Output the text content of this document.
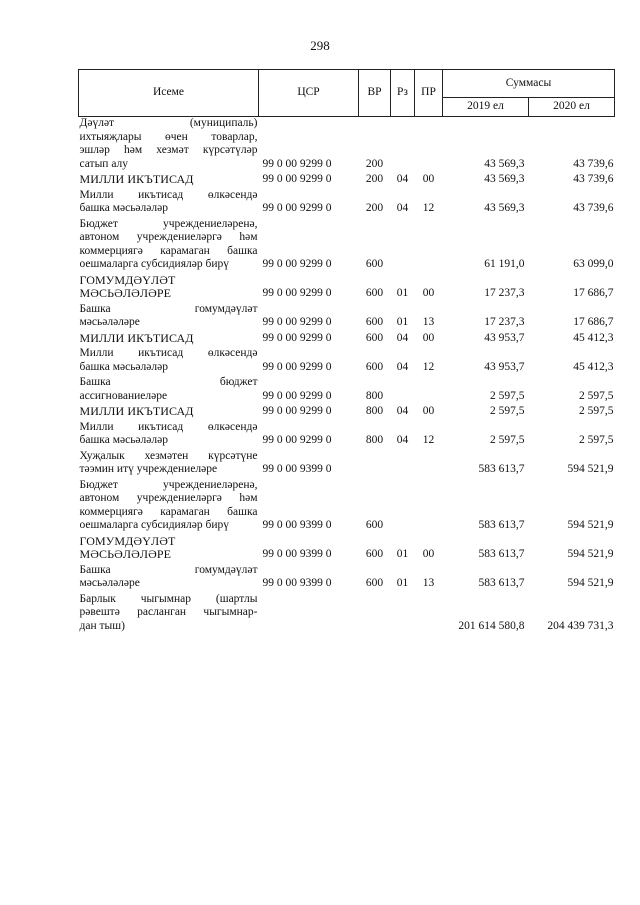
298
Исеме	ЦСР	ВР	Рз	ПР	Суммасы	
					2019 ел	2020 ел

Дәүләт (муниципаль)
ихтыяҗлары өчен товарлар,
эшләр һәм хезмәт күрсәтүләр
сатып алу	99 0 00 9299 0	200			43 569,3	43 739,6

МИЛЛИ ИКЪТИСАД	99 0 00 9299 0	200	04	00	43 569,3	43 739,6

Милли икътисад өлкәсендә
башка мәсьәләләр	99 0 00 9299 0	200	04	12	43 569,3	43 739,6

Бюджет учреждениеләренә,
автоном учреждениеләргә һәм
коммерциягә карамаган башка
оешмаларга субсидияләр бирү	99 0 00 9299 0	600			61 191,0	63 099,0

ГОМУМДӘҮЛӘТ
МӘСЬӘЛӘЛӘРЕ	99 0 00 9299 0	600	01	00	17 237,3	17 686,7

Башка гомумдәүләт
мәсьәләләре	99 0 00 9299 0	600	01	13	17 237,3	17 686,7

МИЛЛИ ИКЪТИСАД	99 0 00 9299 0	600	04	00	43 953,7	45 412,3

Милли икътисад өлкәсендә
башка мәсьәләләр	99 0 00 9299 0	600	04	12	43 953,7	45 412,3

Башка бюджет
ассигнованиеләре	99 0 00 9299 0	800			2 597,5	2 597,5

МИЛЛИ ИКЪТИСАД	99 0 00 9299 0	800	04	00	2 597,5	2 597,5

Милли икътисад өлкәсендә
башка мәсьәләләр	99 0 00 9299 0	800	04	12	2 597,5	2 597,5

Хуҗалык хезмәтен күрсәтүне
тәэмин итү учреждениеләре	99 0 00 9399 0				583 613,7	594 521,9

Бюджет учреждениеләренә,
автоном учреждениеләргә һәм
коммерциягә карамаган башка
оешмаларга субсидияләр бирү	99 0 00 9399 0	600			583 613,7	594 521,9

ГОМУМДӘҮЛӘТ
МӘСЬӘЛӘЛӘРЕ	99 0 00 9399 0	600	01	00	583 613,7	594 521,9

Башка гомумдәүләт
мәсьәләләре	99 0 00 9399 0	600	01	13	583 613,7	594 521,9

Барлык чыгымнар (шартлы
рәвештә расланган чыгымнар-
дан тыш)					201 614 580,8	204 439 731,3
